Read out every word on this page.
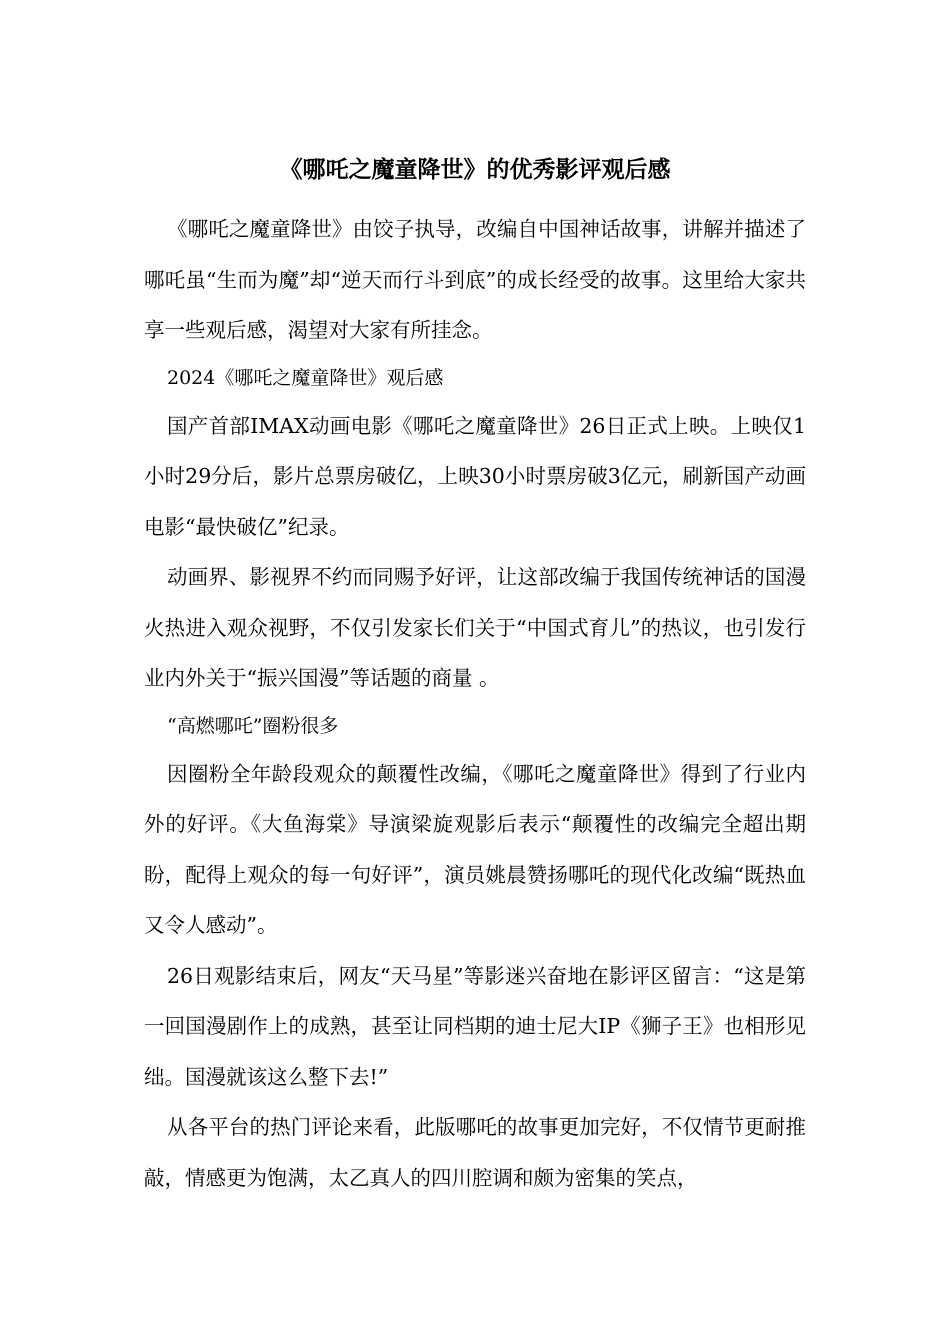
《哪吒之魔童降世》的优秀影评观后感

《哪吒之魔童降世》由饺子执导，改编自中国神话故事，讲解并描述了哪吒虽“生而为魔”却“逆天而行斗到底”的成长经受的故事。这里给大家共享一些观后感，渴望对大家有所挂念。

2024《哪吒之魔童降世》观后感

国产首部IMAX动画电影《哪吒之魔童降世》26日正式上映。上映仅1小时29分后，影片总票房破亿，上映30小时票房破3亿元，刷新国产动画电影“最快破亿”纪录。

动画界、影视界不约而同赐予好评，让这部改编于我国传统神话的国漫火热进入观众视野，不仅引发家长们关于“中国式育儿”的热议，也引发行业内外关于“振兴国漫”等话题的商量 。

“高燃哪吒”圈粉很多

因圈粉全年龄段观众的颠覆性改编，《哪吒之魔童降世》得到了行业内外的好评。《大鱼海棠》导演梁旋观影后表示“颠覆性的改编完全超出期盼，配得上观众的每一句好评”，演员姚晨赞扬哪吒的现代化改编“既热血又令人感动”。

26日观影结束后，网友“天马星”等影迷兴奋地在影评区留言：“这是第一回国漫剧作上的成熟，甚至让同档期的迪士尼大IP《狮子王》也相形见绌。国漫就该这么整下去!”

从各平台的热门评论来看，此版哪吒的故事更加完好，不仅情节更耐推敲，情感更为饱满，太乙真人的四川腔调和颇为密集的笑点，
